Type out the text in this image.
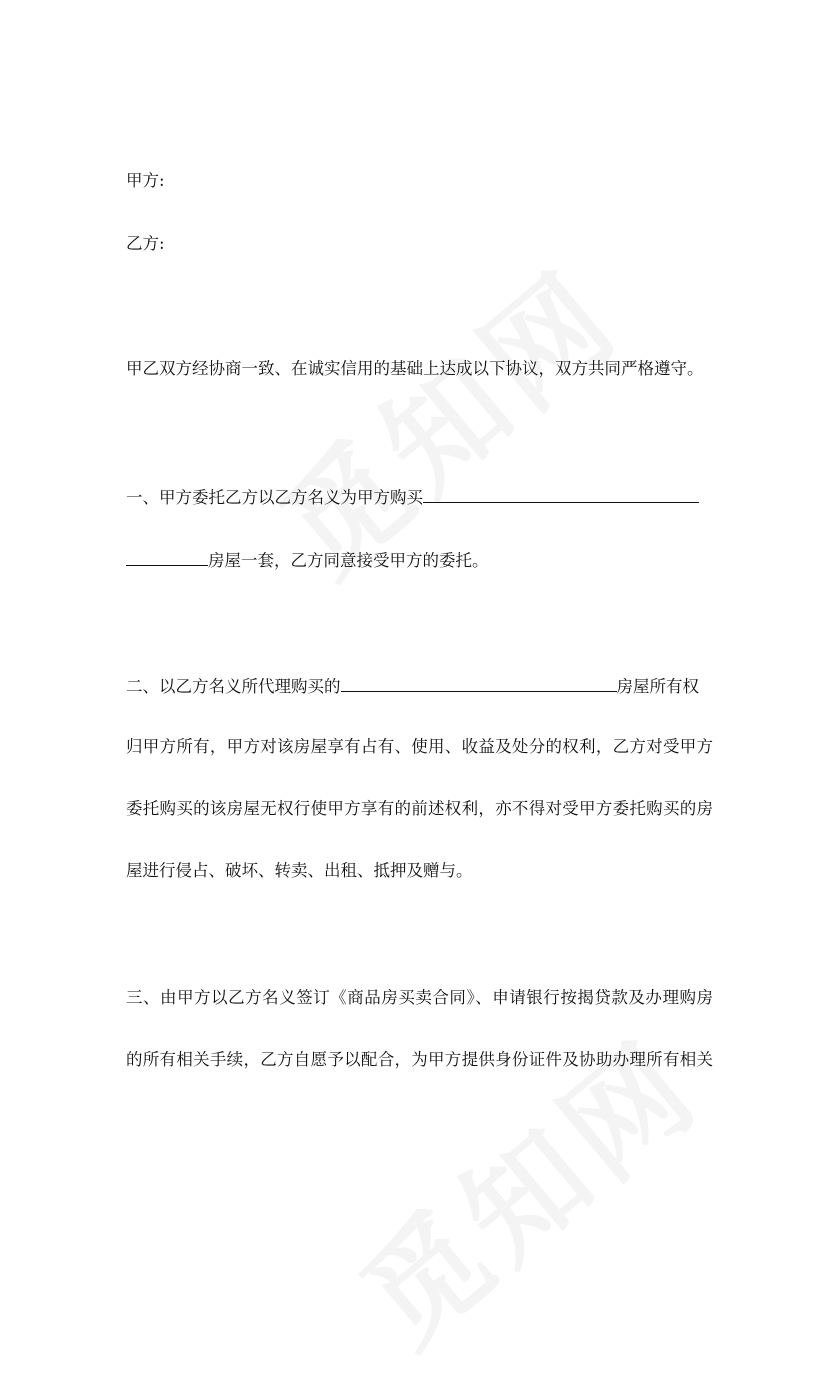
甲方:
乙方:
甲乙双方经协商一致、在诚实信用的基础上达成以下协议，双方共同严格遵守。
一、甲方委托乙方以乙方名义为甲方购买
房屋一套，乙方同意接受甲方的委托。
二、以乙方名义所代理购买的	房屋所有权
归甲方所有，甲方对该房屋享有占有、使用、收益及处分的权利，乙方对受甲方
委托购买的该房屋无权行使甲方享有的前述权利，亦不得对受甲方委托购买的房
屋进行侵占、破坏、转卖、出租、抵押及赠与。
三、由甲方以乙方名义签订《商品房买卖合同》、申请银行按揭贷款及办理购房
的所有相关手续，乙方自愿予以配合，为甲方提供身份证件及协助办理所有相关
